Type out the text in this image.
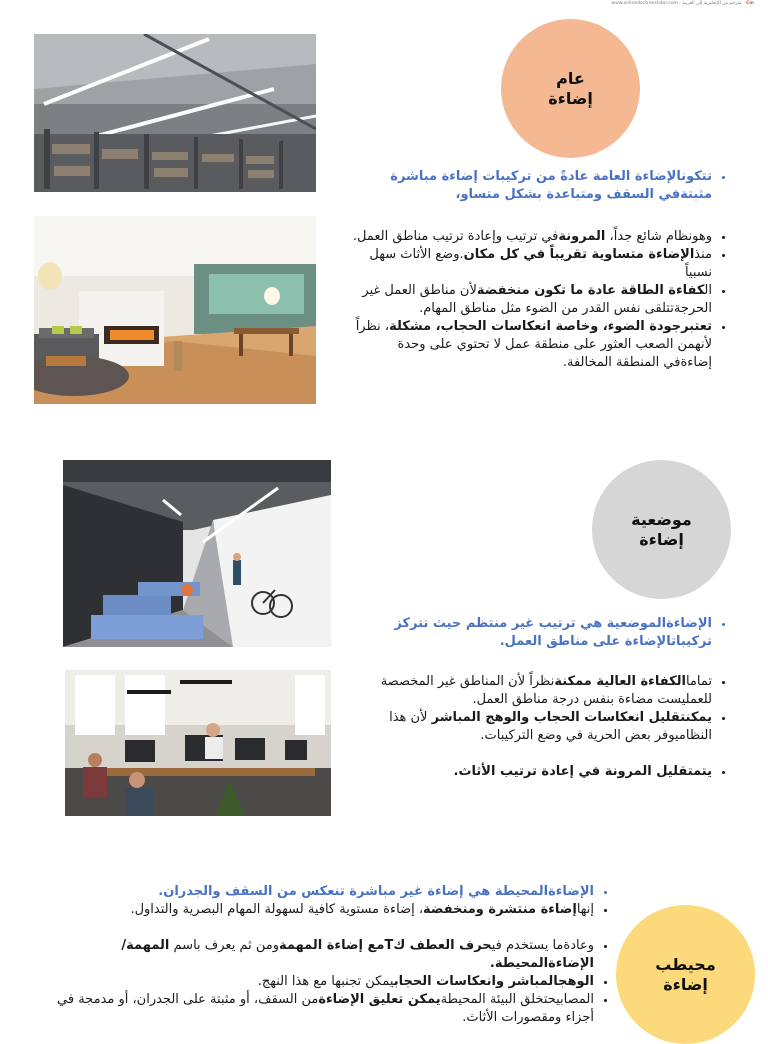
Cm مترجم من الإنجليزية إلى العربية - www.onlinedoctranslator.com
عام
إضاءة
موضعية
إضاءة
محيطب
إضاءة
• تتكونالإضاءة العامة عادةً من تركيبات إضاءة مباشرة مثبتةفي السقف ومتباعدة بشكل متساو،
• وهونظام شائع جداً، المرونةفي ترتيب وإعادة ترتيب مناطق العمل.
• منذالإضاءة متساوية تقريباً في كل مكان.وضع الأثاث سهل نسبياً
• الكفاءة الطاقة عادة ما تكون منخفضةلأن مناطق العمل غير الحرجةتتلقى نفس القدر من الضوء مثل مناطق المهام.
• تعتبرجودة الضوء، وخاصة انعكاسات الحجاب، مشكلة، نظراً لأنهمن الصعب العثور على منطقة عمل لا تحتوي على وحدة إضاءةفي المنطقة المخالفة.
• الإضاءةالموضعية هي ترتيب غير منتظم حيث تتركز تركيباتالإضاءة على مناطق العمل.
• تماماالكفاءة العالية ممكنةنظراً لأن المناطق غير المخصصة للعمليست مضاءة بنفس درجة مناطق العمل.
• يمكنتقليل انعكاسات الحجاب والوهج المباشر لأن هذا النظاميوفر بعض الحرية في وضع التركيبات.
• يتمتقليل المرونة في إعادة ترتيب الأثاث.
• الإضاءةالمحيطة هي إضاءة غير مباشرة تنعكس من السقف والجدران.
• إنهاإضاءة منتشرة ومنخفضة، إضاءة مستوية كافية لسهولة المهام البصرية والتداول.
• وعادةما يستخدم فيحرف العطف كTمع إضاءة المهمةومن ثم يعرف باسم المهمة/ الإضاءةالمحيطة.
• الوهجالمباشر وانعكاسات الحجابيمكن تجنبها مع هذا النهج.
• المصابيحتخلق البيئة المحيطةيمكن تعليق الإضاءةمن السقف، أو مثبتة على الجدران، أو مدمجة في أجزاء ومقصورات الأثاث.
